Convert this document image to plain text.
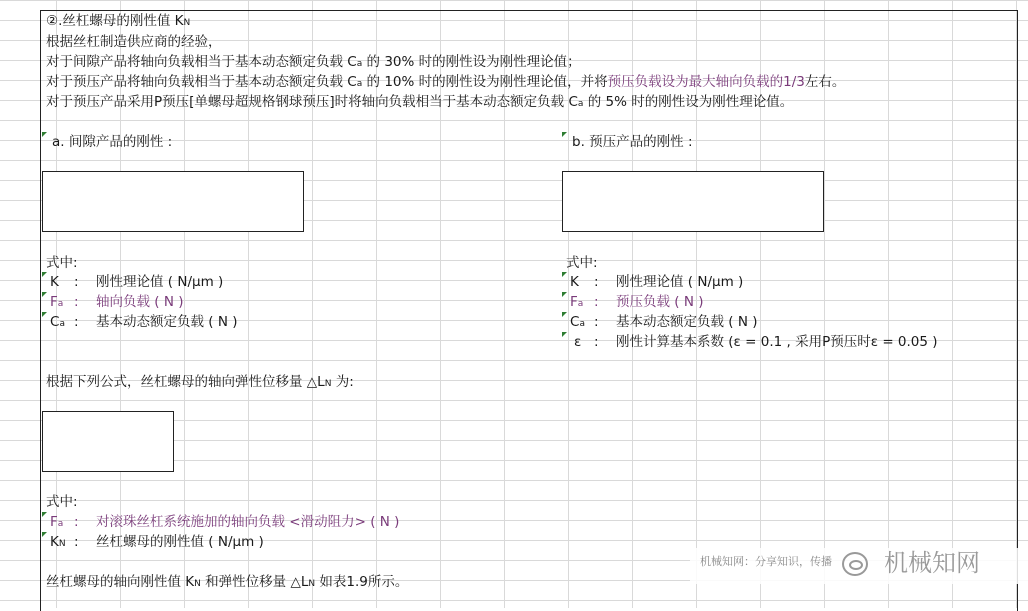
②.丝杠螺母的刚性值 KN
根据丝杠制造供应商的经验，
对于间隙产品将轴向负载相当于基本动态额定负载 Ca 的 30% 时的刚性设为刚性理论值；
对于预压产品将轴向负载相当于基本动态额定负载 Ca 的 10% 时的刚性设为刚性理论值，并将预压负载设为最大轴向负载的1/3左右。
对于预压产品采用P预压[单螺母超规格钢球预压]时将轴向负载相当于基本动态额定负载 Ca 的 5% 时的刚性设为刚性理论值。
a. 间隙产品的刚性 :
式中:
K : 刚性理论值 ( N/μm )
Fa : 轴向负载 ( N )
Ca : 基本动态额定负载 ( N )
b. 预压产品的刚性 :
式中:
K : 刚性理论值 ( N/μm )
Fa : 预压负载 ( N )
Ca : 基本动态额定负载 ( N )
ε : 刚性计算基本系数 (ε = 0.1 , 采用P预压时ε = 0.05 )
根据下列公式，丝杠螺母的轴向弹性位移量 △LN 为:
式中:
Fa : 对滚珠丝杠系统施加的轴向负载 <滑动阻力> ( N )
KN : 丝杠螺母的刚性值 ( N/μm )
丝杠螺母的轴向刚性值 KN 和弹性位移量 △LN 如表1.9所示。
机械知网：分享知识，传播 机械知网
